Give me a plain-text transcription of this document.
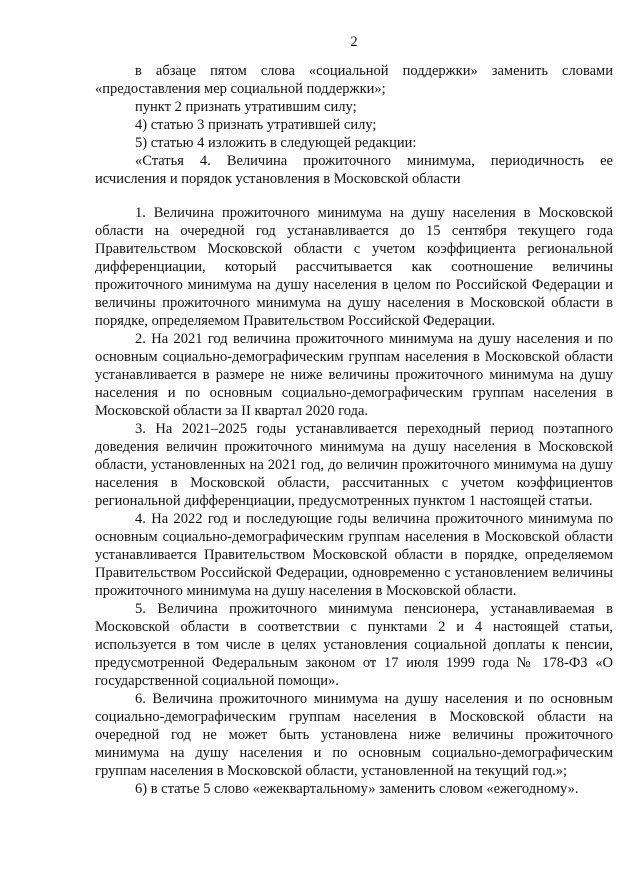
2

в абзаце пятом слова «социальной поддержки» заменить словами «предоставления мер социальной поддержки»;

пункт 2 признать утратившим силу;

4) статью 3 признать утратившей силу;

5) статью 4 изложить в следующей редакции:

«Статья 4. Величина прожиточного минимума, периодичность ее исчисления и порядок установления в Московской области

1. Величина прожиточного минимума на душу населения в Московской области на очередной год устанавливается до 15 сентября текущего года Правительством Московской области с учетом коэффициента региональной дифференциации, который рассчитывается как соотношение величины прожиточного минимума на душу населения в целом по Российской Федерации и величины прожиточного минимума на душу населения в Московской области в порядке, определяемом Правительством Российской Федерации.

2. На 2021 год величина прожиточного минимума на душу населения и по основным социально-демографическим группам населения в Московской области устанавливается в размере не ниже величины прожиточного минимума на душу населения и по основным социально-демографическим группам населения в Московской области за II квартал 2020 года.

3. На 2021–2025 годы устанавливается переходный период поэтапного доведения величин прожиточного минимума на душу населения в Московской области, установленных на 2021 год, до величин прожиточного минимума на душу населения в Московской области, рассчитанных с учетом коэффициентов региональной дифференциации, предусмотренных пунктом 1 настоящей статьи.

4. На 2022 год и последующие годы величина прожиточного минимума по основным социально-демографическим группам населения в Московской области устанавливается Правительством Московской области в порядке, определяемом Правительством Российской Федерации, одновременно с установлением величины прожиточного минимума на душу населения в Московской области.

5. Величина прожиточного минимума пенсионера, устанавливаемая в Московской области в соответствии с пунктами 2 и 4 настоящей статьи, используется в том числе в целях установления социальной доплаты к пенсии, предусмотренной Федеральным законом от 17 июля 1999 года № 178-ФЗ «О государственной социальной помощи».

6. Величина прожиточного минимума на душу населения и по основным социально-демографическим группам населения в Московской области на очередной год не может быть установлена ниже величины прожиточного минимума на душу населения и по основным социально-демографическим группам населения в Московской области, установленной на текущий год.»;

6) в статье 5 слово «ежеквартальному» заменить словом «ежегодному».
